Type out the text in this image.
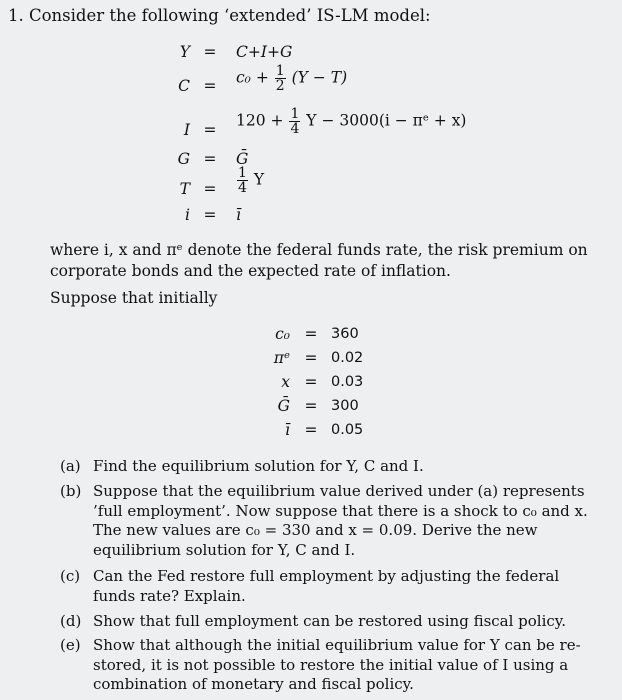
1. Consider the following ‘extended’ IS-LM model:
Y = C+I+G
$C = c_0 + \frac{1}{2} (Y - T)$
I =
$120 + \frac{1}{4}$ Y − 3000(i − πᵉ + x)
G = Ḡ
$T = \frac{1}{4}$ Y
i = ī

where i, x and πᵉ denote the federal funds rate, the risk premium on corporate bonds and the expected rate of inflation.

Suppose that initially

c₀ = 360
πᵉ = 0.02
x = 0.03
Ḡ = 300
ī = 0.05
(a) Find the equilibrium solution for Y, C and I.
(b) Suppose that the equilibrium value derived under (a) represents ’full employment’. Now suppose that there is a shock to c₀ and x. The new values are c₀ = 330 and x = 0.09. Derive the new equilibrium solution for Y, C and I.
(c) Can the Fed restore full employment by adjusting the federal funds rate? Explain.
(d) Show that full employment can be restored using fiscal policy.
(e) Show that although the initial equilibrium value for Y can be re-stored, it is not possible to restore the initial value of I using a combination of monetary and fiscal policy.
